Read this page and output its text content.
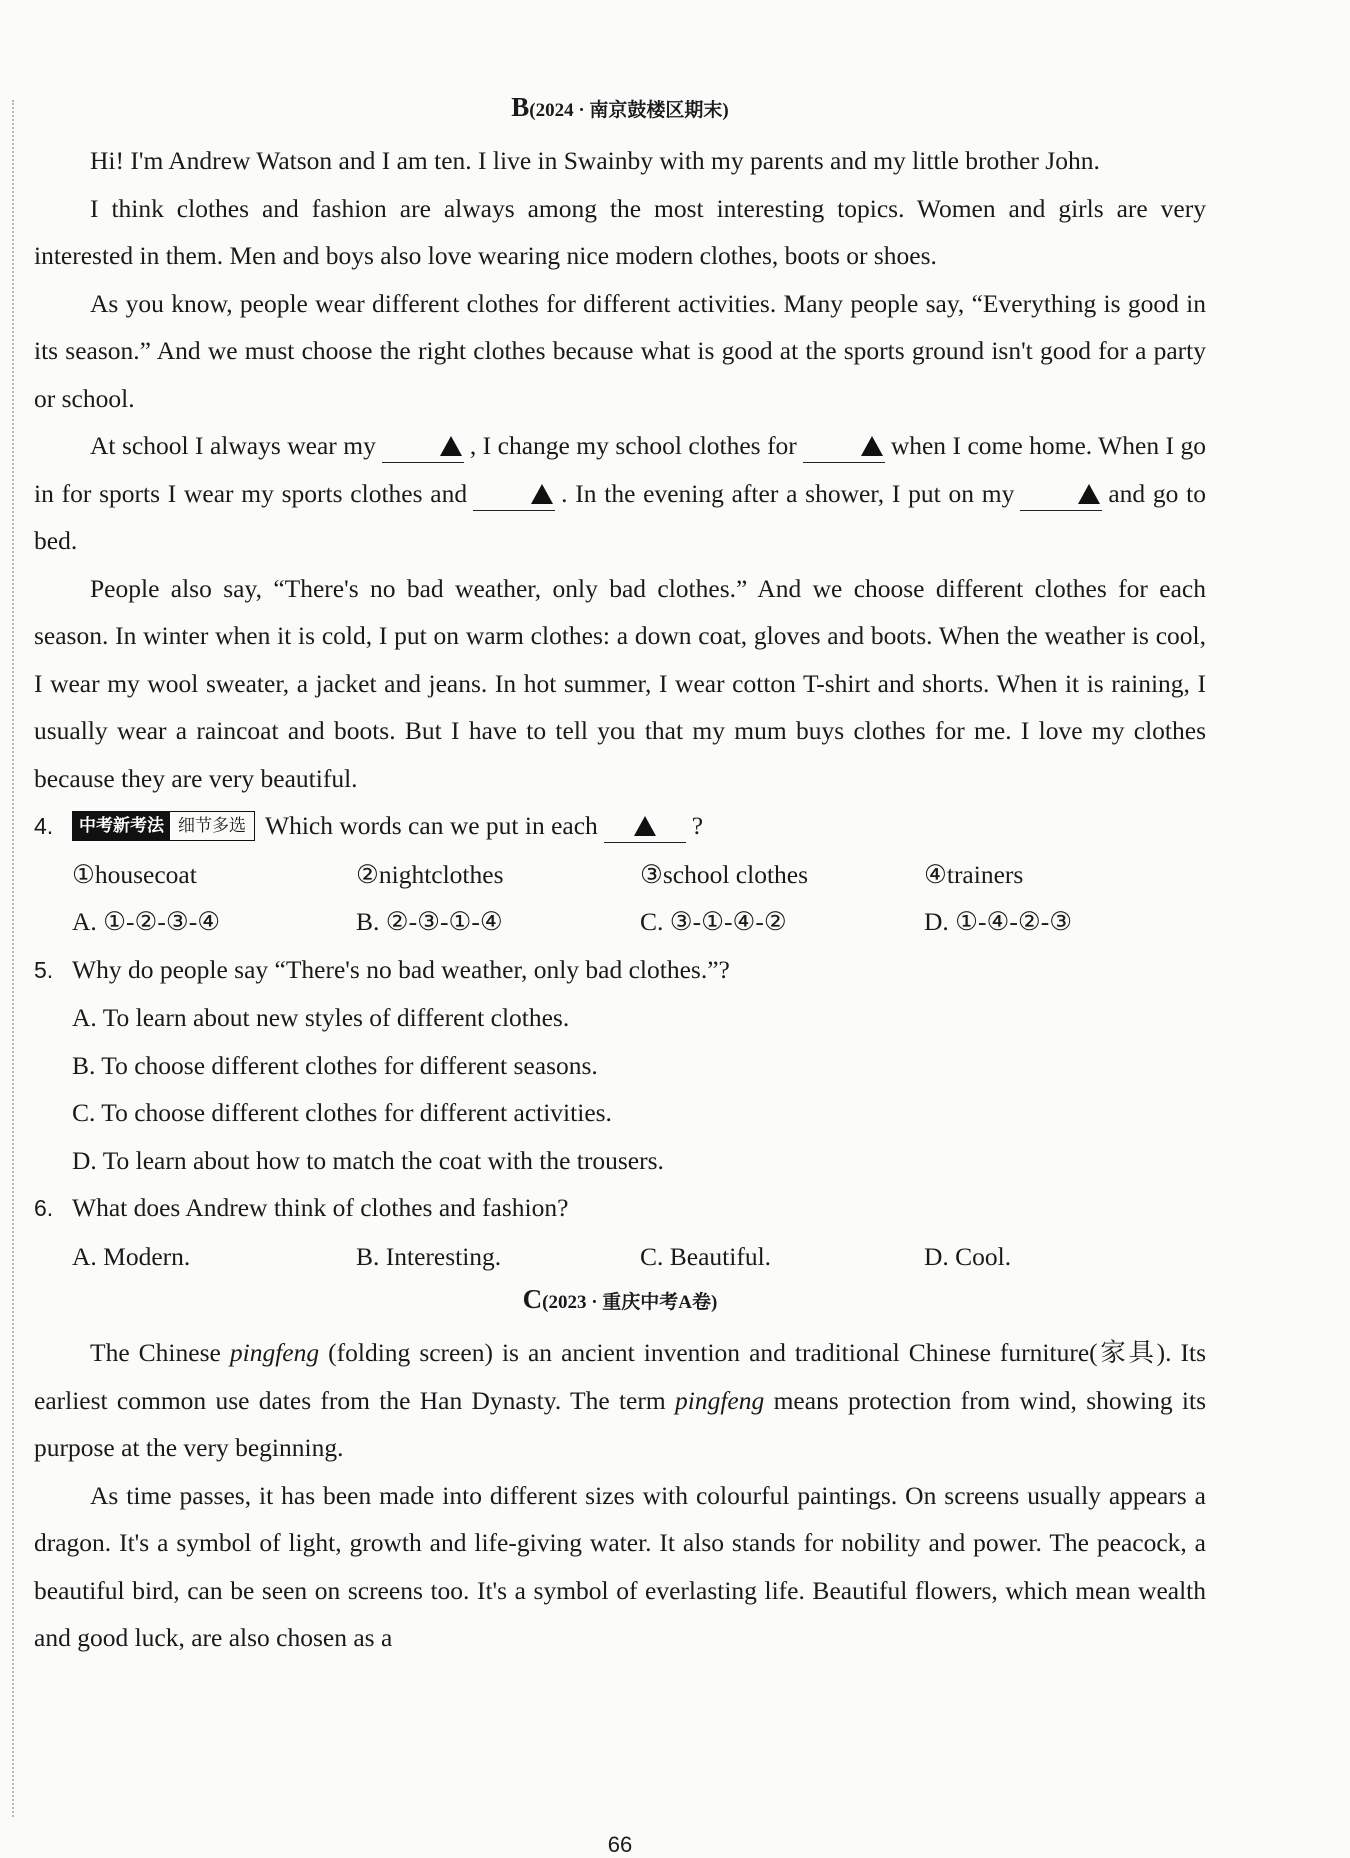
B(2024 · 南京鼓楼区期末)

Hi! I'm Andrew Watson and I am ten. I live in Swainby with my parents and my little brother John.

I think clothes and fashion are always among the most interesting topics. Women and girls are very interested in them. Men and boys also love wearing nice modern clothes, boots or shoes.

As you know, people wear different clothes for different activities. Many people say, “Everything is good in its season.” And we must choose the right clothes because what is good at the sports ground isn't good for a party or school.

At school I always wear my	, I change my school clothes for	when I come home. When I go in for sports I wear my sports clothes and	. In the evening after a shower, I put on my	and go to bed.

People also say, “There's no bad weather, only bad clothes.” And we choose different clothes for each season. In winter when it is cold, I put on warm clothes: a down coat, gloves and boots. When the weather is cool, I wear my wool sweater, a jacket and jeans. In hot summer, I wear cotton T-shirt and shorts. When it is raining, I usually wear a raincoat and boots. But I have to tell you that my mum buys clothes for me. I love my clothes because they are very beautiful.

4.	中考新考法 细节多选 Which words can we put in each	?

①housecoat	②nightclothes	③school clothes	④trainers
A. ①-②-③-④	B. ②-③-①-④	C. ③-①-④-②	D. ①-④-②-③

5. Why do people say “There's no bad weather, only bad clothes.”?

A. To learn about new styles of different clothes.

B. To choose different clothes for different seasons.

C. To choose different clothes for different activities.

D. To learn about how to match the coat with the trousers.

6. What does Andrew think of clothes and fashion?

A. Modern.	B. Interesting.	C. Beautiful.	D. Cool.
C(2023 · 重庆中考A卷)

The Chinese pingfeng (folding screen) is an ancient invention and traditional Chinese furniture(家具). Its earliest common use dates from the Han Dynasty. The term pingfeng means protection from wind, showing its purpose at the very beginning.

As time passes, it has been made into different sizes with colourful paintings. On screens usually appears a dragon. It's a symbol of light, growth and life-giving water. It also stands for nobility and power. The peacock, a beautiful bird, can be seen on screens too. It's a symbol of everlasting life. Beautiful flowers, which mean wealth and good luck, are also chosen as a

66
